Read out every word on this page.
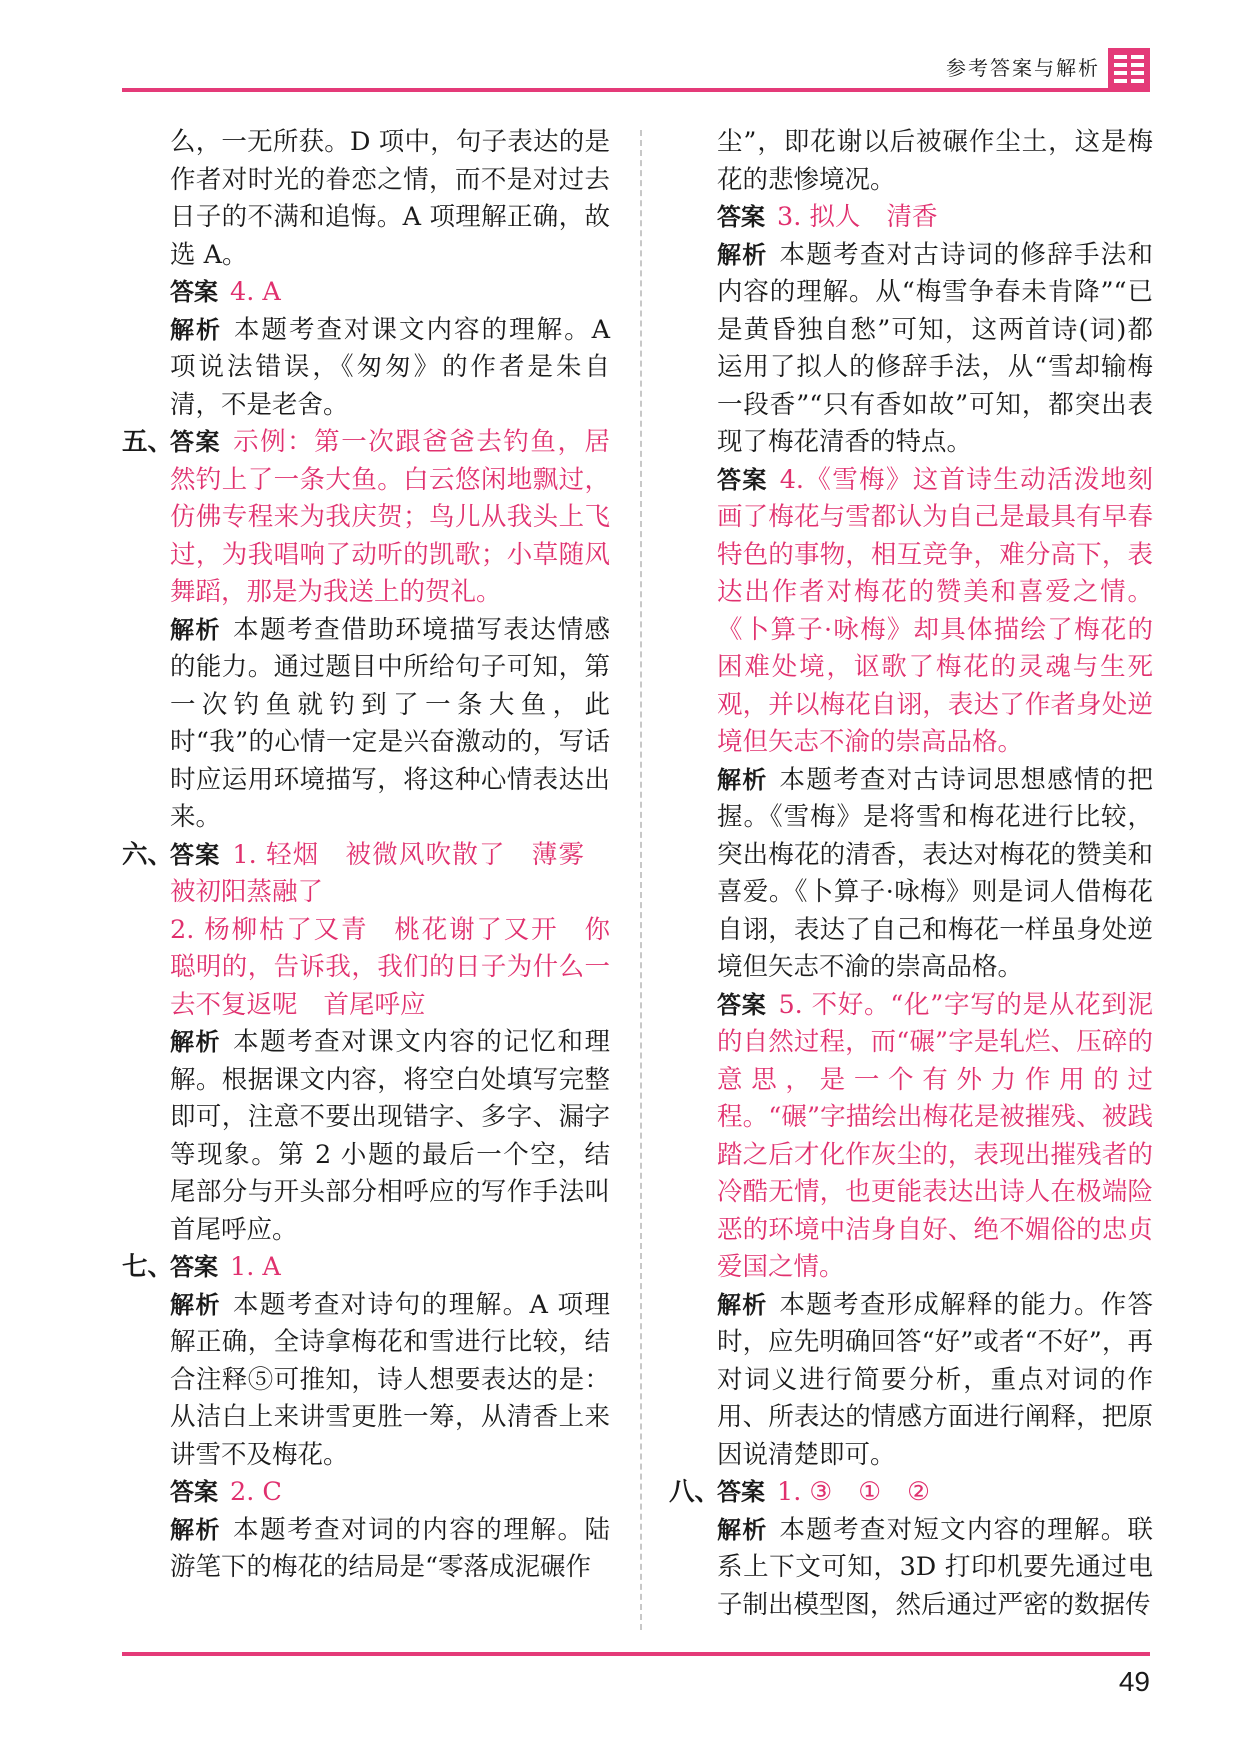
参考答案与解析

么，一无所获。D 项中，句子表达的是作者对时光的眷恋之情，而不是对过去日子的不满和追悔。A 项理解正确，故选 A。

答案 4. A

解析 本题考查对课文内容的理解。A 项说法错误，《匆匆》的作者是朱自清，不是老舍。

五、
答案 示例：第一次跟爸爸去钓鱼，居然钓上了一条大鱼。白云悠闲地飘过，仿佛专程来为我庆贺；鸟儿从我头上飞过，为我唱响了动听的凯歌；小草随风舞蹈，那是为我送上的贺礼。

解析 本题考查借助环境描写表达情感的能力。通过题目中所给句子可知，第一次钓鱼就钓到了一条大鱼，此时“我”的心情一定是兴奋激动的，写话时应运用环境描写，将这种心情表达出来。

六、
答案 1. 轻烟 被微风吹散了 薄雾被初阳蒸融了

2. 杨柳枯了又青 桃花谢了又开 你聪明的，告诉我，我们的日子为什么一去不复返呢 首尾呼应

解析 本题考查对课文内容的记忆和理解。根据课文内容，将空白处填写完整即可，注意不要出现错字、多字、漏字等现象。第 2 小题的最后一个空，结尾部分与开头部分相呼应的写作手法叫首尾呼应。

七、
答案 1. A

解析 本题考查对诗句的理解。A 项理解正确，全诗拿梅花和雪进行比较，结合注释⑤可推知，诗人想要表达的是：从洁白上来讲雪更胜一筹，从清香上来讲雪不及梅花。

答案 2. C

解析 本题考查对词的内容的理解。陆游笔下的梅花的结局是“零落成泥碾作

尘”，即花谢以后被碾作尘土，这是梅花的悲惨境况。

答案 3. 拟人 清香

解析 本题考查对古诗词的修辞手法和内容的理解。从“梅雪争春未肯降”“已是黄昏独自愁”可知，这两首诗(词)都运用了拟人的修辞手法，从“雪却输梅一段香”“只有香如故”可知，都突出表现了梅花清香的特点。

答案 4.《雪梅》这首诗生动活泼地刻画了梅花与雪都认为自己是最具有早春特色的事物，相互竞争，难分高下，表达出作者对梅花的赞美和喜爱之情。《卜算子·咏梅》却具体描绘了梅花的困难处境，讴歌了梅花的灵魂与生死观，并以梅花自诩，表达了作者身处逆境但矢志不渝的崇高品格。

解析 本题考查对古诗词思想感情的把握。《雪梅》是将雪和梅花进行比较，突出梅花的清香，表达对梅花的赞美和喜爱。《卜算子·咏梅》则是词人借梅花自诩，表达了自己和梅花一样虽身处逆境但矢志不渝的崇高品格。

答案 5. 不好。“化”字写的是从花到泥的自然过程，而“碾”字是轧烂、压碎的意思，是一个有外力作用的过程。“碾”字描绘出梅花是被摧残、被践踏之后才化作灰尘的，表现出摧残者的冷酷无情，也更能表达出诗人在极端险恶的环境中洁身自好、绝不媚俗的忠贞爱国之情。

解析 本题考查形成解释的能力。作答时，应先明确回答“好”或者“不好”，再对词义进行简要分析，重点对词的作用、所表达的情感方面进行阐释，把原因说清楚即可。

八、
答案 1. ③ ① ②

解析 本题考查对短文内容的理解。联系上下文可知，3D 打印机要先通过电子制出模型图，然后通过严密的数据传

49
